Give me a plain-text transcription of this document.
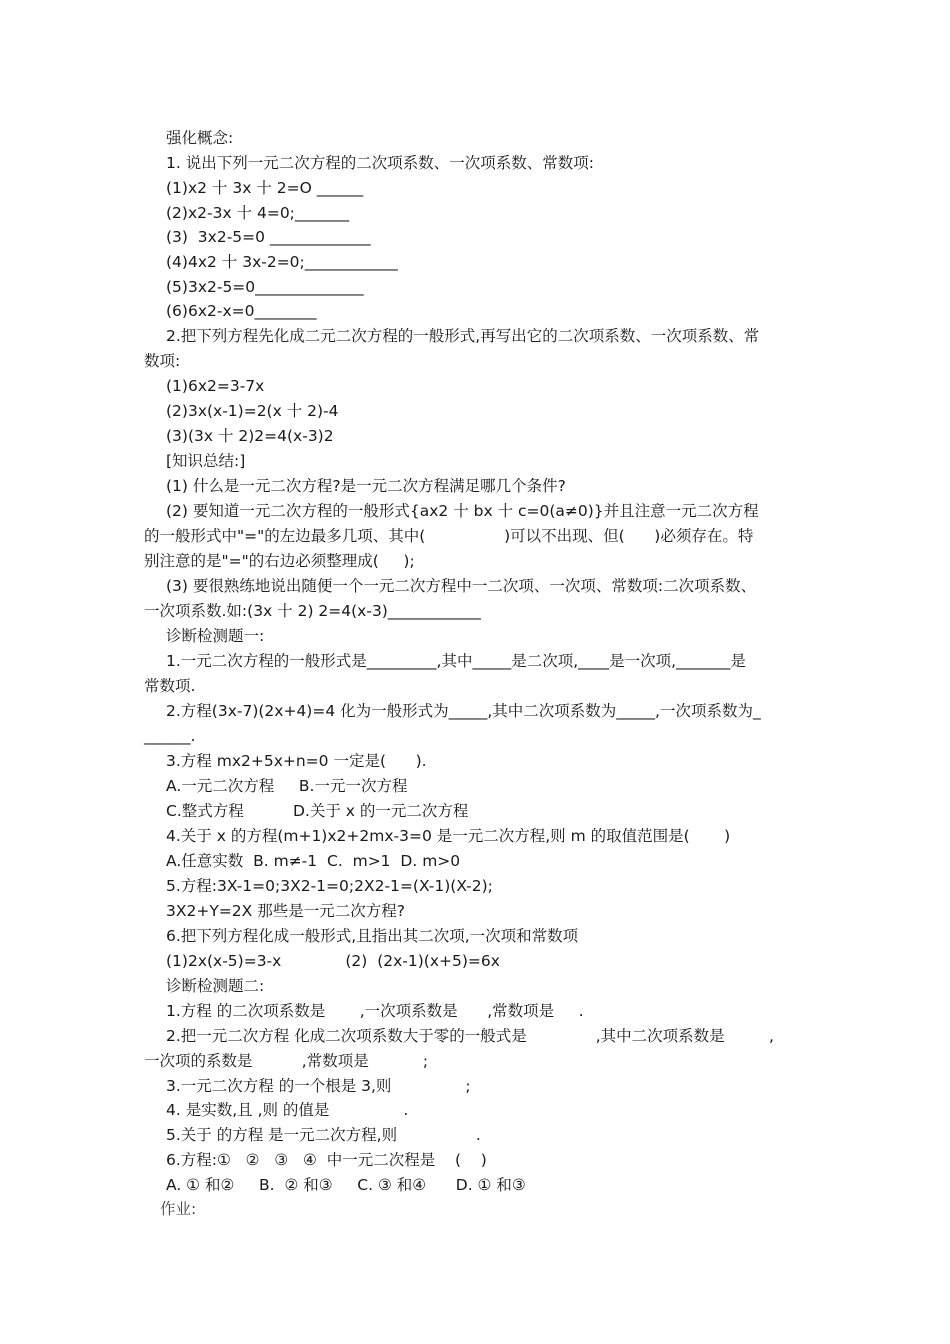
强化概念:
1. 说出下列一元二次方程的二次项系数、一次项系数、常数项:
(1)x2 十 3x 十 2=O ______
(2)x2-3x 十 4=0;_______
(3)  3x2-5=0 _____________
(4)4x2 十 3x-2=0;____________
(5)3x2-5=0______________
(6)6x2-x=0________
2.把下列方程先化成二元二次方程的一般形式,再写出它的二次项系数、一次项系数、常
数项:
(1)6x2=3-7x
(2)3x(x-1)=2(x 十 2)-4
(3)(3x 十 2)2=4(x-3)2
[知识总结:]
(1) 什么是一元二次方程?是一元二次方程满足哪几个条件?
(2) 要知道一元二次方程的一般形式{ax2 十 bx 十 c=0(a≠0)}并且注意一元二次方程
的一般形式中"="的左边最多几项、其中(                )可以不出现、但(      )必须存在。特
别注意的是"="的右边必须整理成(     );
(3) 要很熟练地说出随便一个一元二次方程中一二次项、一次项、常数项:二次项系数、
一次项系数.如:(3x 十 2) 2=4(x-3)____________
诊断检测题一:
1.一元二次方程的一般形式是_________,其中_____是二次项,____是一次项,_______是
常数项.
2.方程(3x-7)(2x+4)=4 化为一般形式为_____,其中二次项系数为_____,一次项系数为_
______.
3.方程 mx2+5x+n=0 一定是(      ).
A.一元二次方程     B.一元一次方程
C.整式方程          D.关于 x 的一元二次方程
4.关于 x 的方程(m+1)x2+2mx-3=0 是一元二次方程,则 m 的取值范围是(       )
A.任意实数  B. m≠-1  C.  m>1  D. m>0
5.方程:3X-1=0;3X2-1=0;2X2-1=(X-1)(X-2);
3X2+Y=2X 那些是一元二次方程?
6.把下列方程化成一般形式,且指出其二次项,一次项和常数项
(1)2x(x-5)=3-x             (2)  (2x-1)(x+5)=6x
诊断检测题二:
1.方程 的二次项系数是       ,一次项系数是      ,常数项是     .
2.把一元二次方程 化成二次项系数大于零的一般式是              ,其中二次项系数是         ,
一次项的系数是          ,常数项是           ;
3.一元二次方程 的一个根是 3,则               ;
4. 是实数,且 ,则 的值是               .
5.关于 的方程 是一元二次方程,则                .
6.方程:①   ②   ③   ④  中一元二次程是    (    )
A. ① 和②     B.  ② 和③     C. ③ 和④      D. ① 和③
作业:
